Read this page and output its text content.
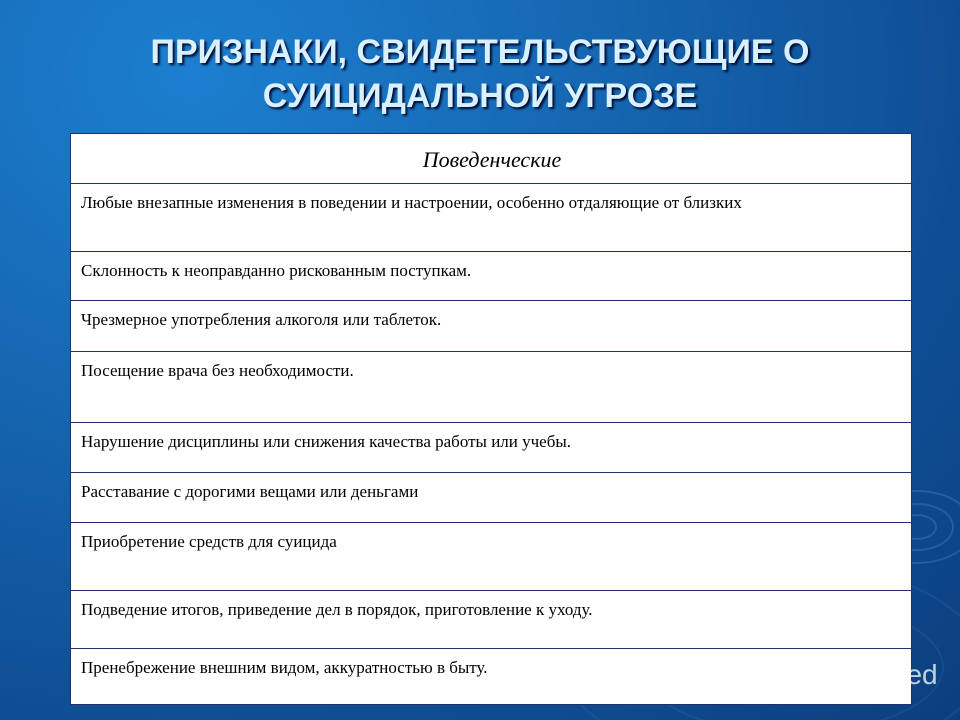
ПРИЗНАКИ, СВИДЕТЕЛЬСТВУЮЩИЕ О СУИЦИДАЛЬНОЙ УГРОЗЕ
Поведенческие
Любые внезапные изменения в поведении и настроении, особенно отдаляющие от близких
Склонность к неоправданно рискованным поступкам.
Чрезмерное употребления алкоголя или таблеток.
Посещение врача без необходимости.
Нарушение дисциплины или снижения качества работы или учебы.
Расставание с дорогими вещами или деньгами
Приобретение средств для суицида
Подведение итогов, приведение дел в порядок, приготовление к уходу.
Пренебрежение внешним видом, аккуратностью в быту.	MyShared
